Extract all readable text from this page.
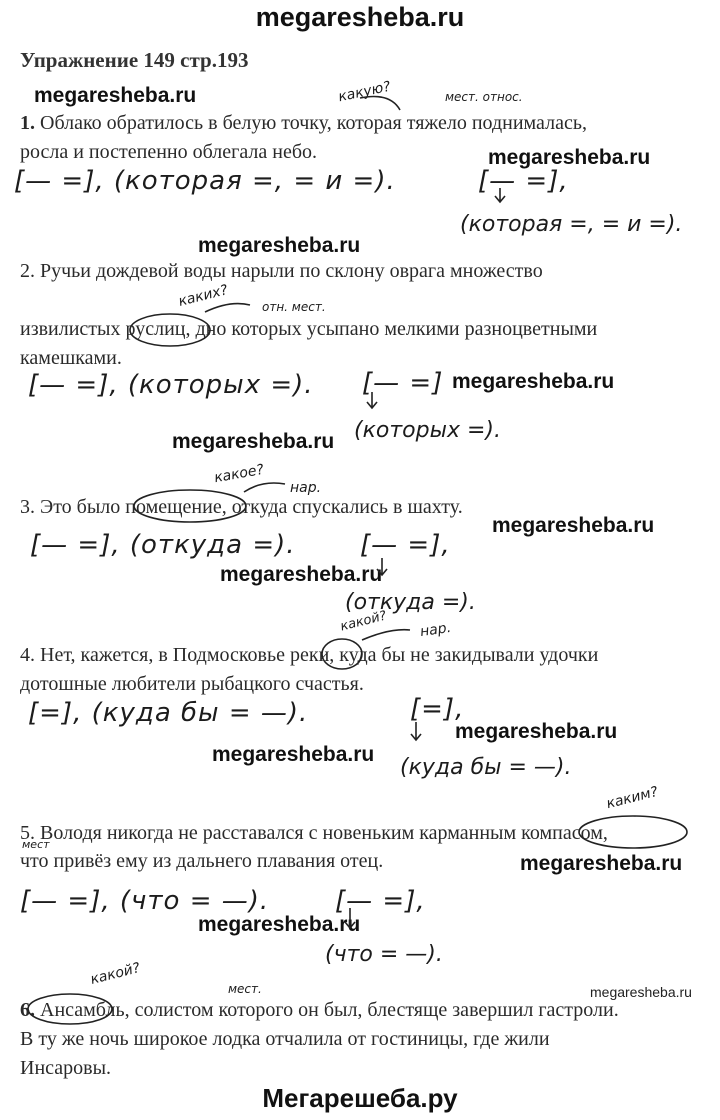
megaresheba.ru
Упражнение 149 стр.193
megaresheba.ru
megaresheba.ru
megaresheba.ru
megaresheba.ru
megaresheba.ru
megaresheba.ru
megaresheba.ru
megaresheba.ru
megaresheba.ru
megaresheba.ru
megaresheba.ru
megaresheba.ru
1. Облако обратилось в белую точку, которая тяжело поднималась,
росла и постепенно облегала небо.
какую?	мест. относ.
[— =], (которая =, = и =).	[— =],
(которая =, = и =).
2. Ручьи дождевой воды нарыли по склону оврага множество
извилистых руслиц, дно которых усыпано мелкими разноцветными
камешками.
каких?	отн. мест.
[— =], (которых =). [— =]
(которых =).
3. Это было помещение, откуда спускались в шахту.
какое?
нар.
[— =], (откуда =). [— =],
(откуда =).
4. Нет, кажется, в Подмосковье реки, куда бы не закидывали удочки
дотошные любители рыбацкого счастья.
какой? нар.
[=], (куда бы = —).	[=],
(куда бы = —).
5. Володя никогда не расставался с новеньким карманным компасом,
что привёз ему из дальнего плавания отец.
каким?
мест
[— =], (что = —).	[— =],
(что = —).
6. Ансамбль, солистом которого он был, блестяще завершил гастроли.
В ту же ночь широкое лодка отчалила от гостиницы, где жили
Инсаровы.
какой?
мест.
Мегарешеба.ру
